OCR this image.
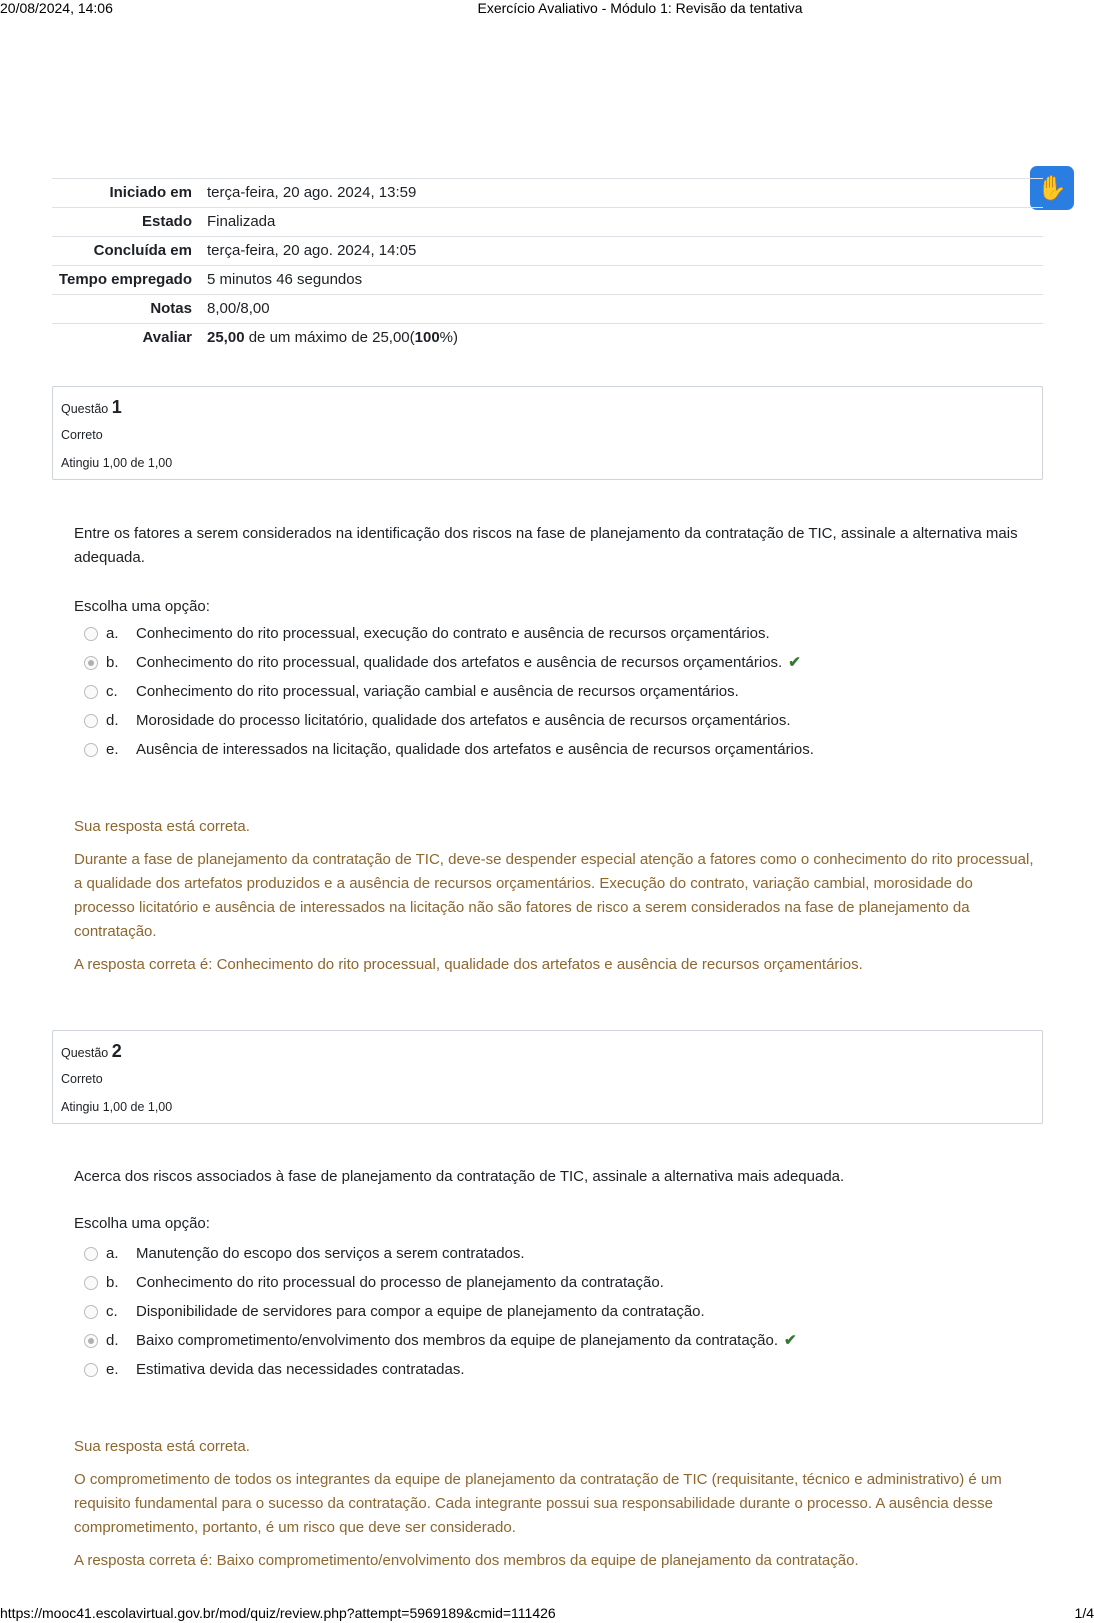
20/08/2024, 14:06	Exercício Avaliativo - Módulo 1: Revisão da tentativa
✋
Iniciado em	terça-feira, 20 ago. 2024, 13:59
Estado	Finalizada
Concluída em	terça-feira, 20 ago. 2024, 14:05
Tempo empregado	5 minutos 46 segundos
Notas	8,00/8,00
Avaliar	25,00 de um máximo de 25,00(100%)
Questão 1
Correto
Atingiu 1,00 de 1,00
Entre os fatores a serem considerados na identificação dos riscos na fase de planejamento da contratação de TIC, assinale a alternativa mais adequada.
Escolha uma opção:
a.	Conhecimento do rito processual, execução do contrato e ausência de recursos orçamentários.
b.	Conhecimento do rito processual, qualidade dos artefatos e ausência de recursos orçamentários. ✔
c.	Conhecimento do rito processual, variação cambial e ausência de recursos orçamentários.
d.	Morosidade do processo licitatório, qualidade dos artefatos e ausência de recursos orçamentários.
e.	Ausência de interessados na licitação, qualidade dos artefatos e ausência de recursos orçamentários.
Sua resposta está correta.
Durante a fase de planejamento da contratação de TIC, deve-se despender especial atenção a fatores como o conhecimento do rito processual, a qualidade dos artefatos produzidos e a ausência de recursos orçamentários. Execução do contrato, variação cambial, morosidade do processo licitatório e ausência de interessados na licitação não são fatores de risco a serem considerados na fase de planejamento da contratação.
A resposta correta é: Conhecimento do rito processual, qualidade dos artefatos e ausência de recursos orçamentários.
Questão 2
Correto
Atingiu 1,00 de 1,00
Acerca dos riscos associados à fase de planejamento da contratação de TIC, assinale a alternativa mais adequada.
Escolha uma opção:
a.	Manutenção do escopo dos serviços a serem contratados.
b.	Conhecimento do rito processual do processo de planejamento da contratação.
c.	Disponibilidade de servidores para compor a equipe de planejamento da contratação.
d.	Baixo comprometimento/envolvimento dos membros da equipe de planejamento da contratação. ✔
e.	Estimativa devida das necessidades contratadas.
Sua resposta está correta.
O comprometimento de todos os integrantes da equipe de planejamento da contratação de TIC (requisitante, técnico e administrativo) é um requisito fundamental para o sucesso da contratação. Cada integrante possui sua responsabilidade durante o processo. A ausência desse comprometimento, portanto, é um risco que deve ser considerado.
A resposta correta é: Baixo comprometimento/envolvimento dos membros da equipe de planejamento da contratação.
https://mooc41.escolavirtual.gov.br/mod/quiz/review.php?attempt=5969189&cmid=111426	1/4
